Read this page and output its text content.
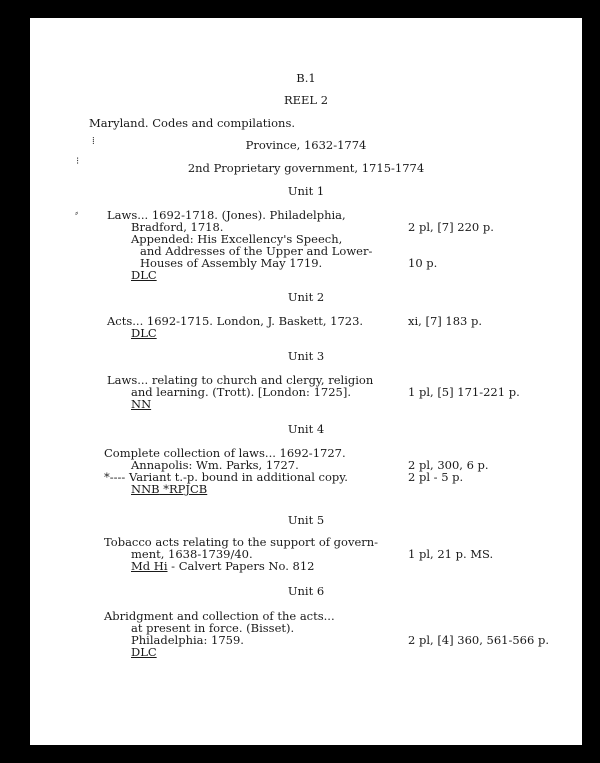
B.1
REEL 2
Maryland. Codes and compilations.
Province, 1632-1774
2nd Proprietary government, 1715-1774
⁞
⁝
⸗
Unit 1
Laws... 1692-1718. (Jones). Philadelphia,
Bradford, 1718.
Appended: His Excellency's Speech,
and Addresses of the Upper and Lower-
Houses of Assembly May 1719.
DLC
2 pl, [7] 220 p.
10 p.
Unit 2
Acts... 1692-1715. London, J. Baskett, 1723.
DLC
xi, [7] 183 p.
Unit 3
Laws... relating to church and clergy, religion
and learning. (Trott). [London: 1725].
NN
1 pl, [5] 171-221 p.
Unit 4
Complete collection of laws... 1692-1727.
Annapolis: Wm. Parks, 1727.
*---- Variant t.-p. bound in additional copy.
NNB *RPJCB
2 pl, 300, 6 p.
2 pl - 5 p.
Unit 5
Tobacco acts relating to the support of govern-
ment, 1638-1739/40.
Md Hi - Calvert Papers No. 812
1 pl, 21 p. MS.
Unit 6
Abridgment and collection of the acts...
at present in force. (Bisset).
Philadelphia: 1759.
DLC
2 pl, [4] 360, 561-566 p.
